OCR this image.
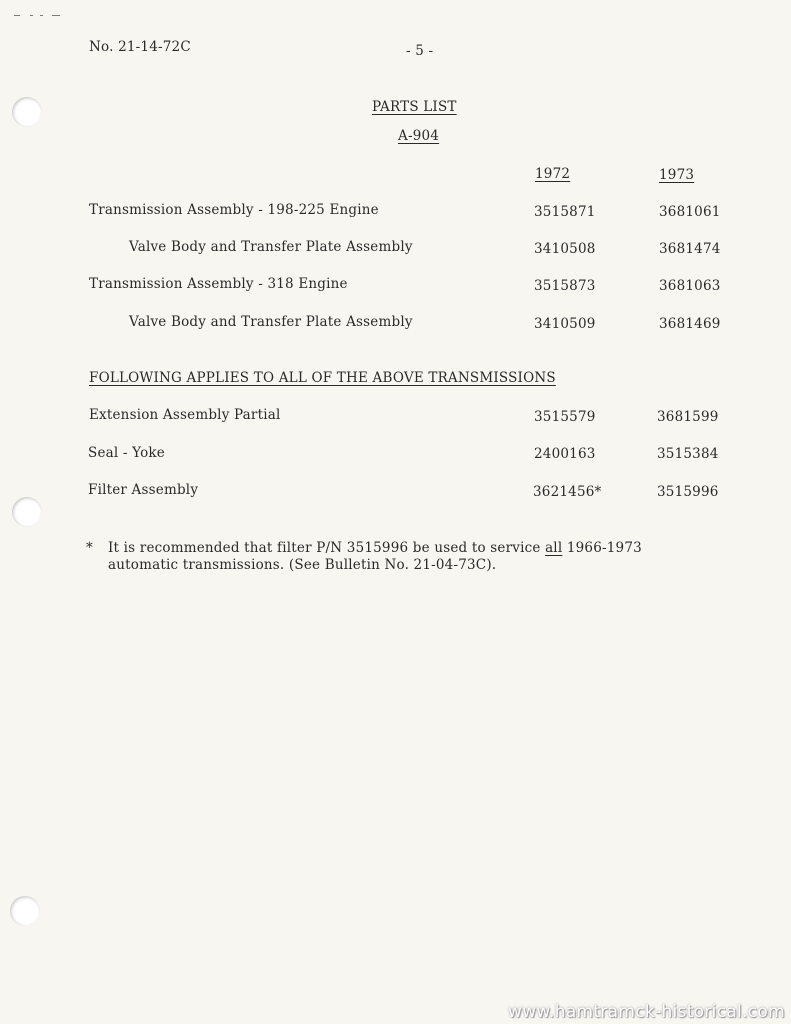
No. 21-14-72C	- 5 -
PARTS LIST
A-904
1972	1973
Transmission Assembly - 198-225 Engine	3515871	3681061
Valve Body and Transfer Plate Assembly	3410508	3681474
Transmission Assembly - 318 Engine	3515873	3681063
Valve Body and Transfer Plate Assembly	3410509	3681469
FOLLOWING APPLIES TO ALL OF THE ABOVE TRANSMISSIONS
Extension Assembly Partial	3515579	3681599
Seal - Yoke	2400163	3515384
Filter Assembly	3621456*	3515996
* It is recommended that filter P/N 3515996 be used to service all 1966-1973
automatic transmissions. (See Bulletin No. 21-04-73C).
www.hamtramck-historical.com
